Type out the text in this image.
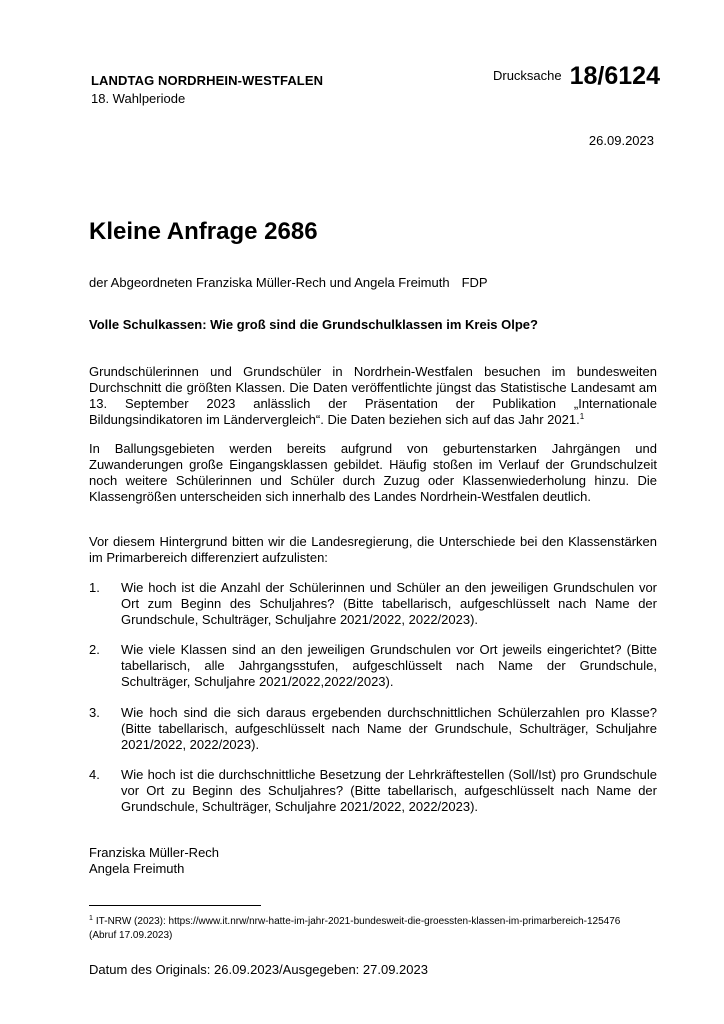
LANDTAG NORDRHEIN-WESTFALEN
18. Wahlperiode
$^{Drucksache}$ 18/6124
26.09.2023
Kleine Anfrage 2686
der Abgeordneten Franziska Müller-Rech und Angela Freimuth FDP
Volle Schulkassen: Wie groß sind die Grundschulklassen im Kreis Olpe?
Grundschülerinnen und Grundschüler in Nordrhein-Westfalen besuchen im bundesweiten Durchschnitt die größten Klassen. Die Daten veröffentlichte jüngst das Statistische Landesamt am 13. September 2023 anlässlich der Präsentation der Publikation „Internationale Bildungsindikatoren im Ländervergleich“. Die Daten beziehen sich auf das Jahr 2021.$^1$
In Ballungsgebieten werden bereits aufgrund von geburtenstarken Jahrgängen und Zuwanderungen große Eingangsklassen gebildet. Häufig stoßen im Verlauf der Grundschulzeit noch weitere Schülerinnen und Schüler durch Zuzug oder Klassenwiederholung hinzu. Die Klassengrößen unterscheiden sich innerhalb des Landes Nordrhein-Westfalen deutlich.
Vor diesem Hintergrund bitten wir die Landesregierung, die Unterschiede bei den Klassenstärken im Primarbereich differenziert aufzulisten:
1. Wie hoch ist die Anzahl der Schülerinnen und Schüler an den jeweiligen Grundschulen vor Ort zum Beginn des Schuljahres? (Bitte tabellarisch, aufgeschlüsselt nach Name der Grundschule, Schulträger, Schuljahre 2021/2022, 2022/2023).
2. Wie viele Klassen sind an den jeweiligen Grundschulen vor Ort jeweils eingerichtet? (Bitte tabellarisch, alle Jahrgangsstufen, aufgeschlüsselt nach Name der Grundschule, Schulträger, Schuljahre 2021/2022,2022/2023).
3. Wie hoch sind die sich daraus ergebenden durchschnittlichen Schülerzahlen pro Klasse? (Bitte tabellarisch, aufgeschlüsselt nach Name der Grundschule, Schulträger, Schuljahre 2021/2022, 2022/2023).
4. Wie hoch ist die durchschnittliche Besetzung der Lehrkräftestellen (Soll/Ist) pro Grundschule vor Ort zu Beginn des Schuljahres? (Bitte tabellarisch, aufgeschlüsselt nach Name der Grundschule, Schulträger, Schuljahre 2021/2022, 2022/2023).
Franziska Müller-Rech
Angela Freimuth
$^1$ IT-NRW (2023): https://www.it.nrw/nrw-hatte-im-jahr-2021-bundesweit-die-groessten-klassen-im-primarbereich-125476 (Abruf 17.09.2023)
Datum des Originals: 26.09.2023/Ausgegeben: 27.09.2023
